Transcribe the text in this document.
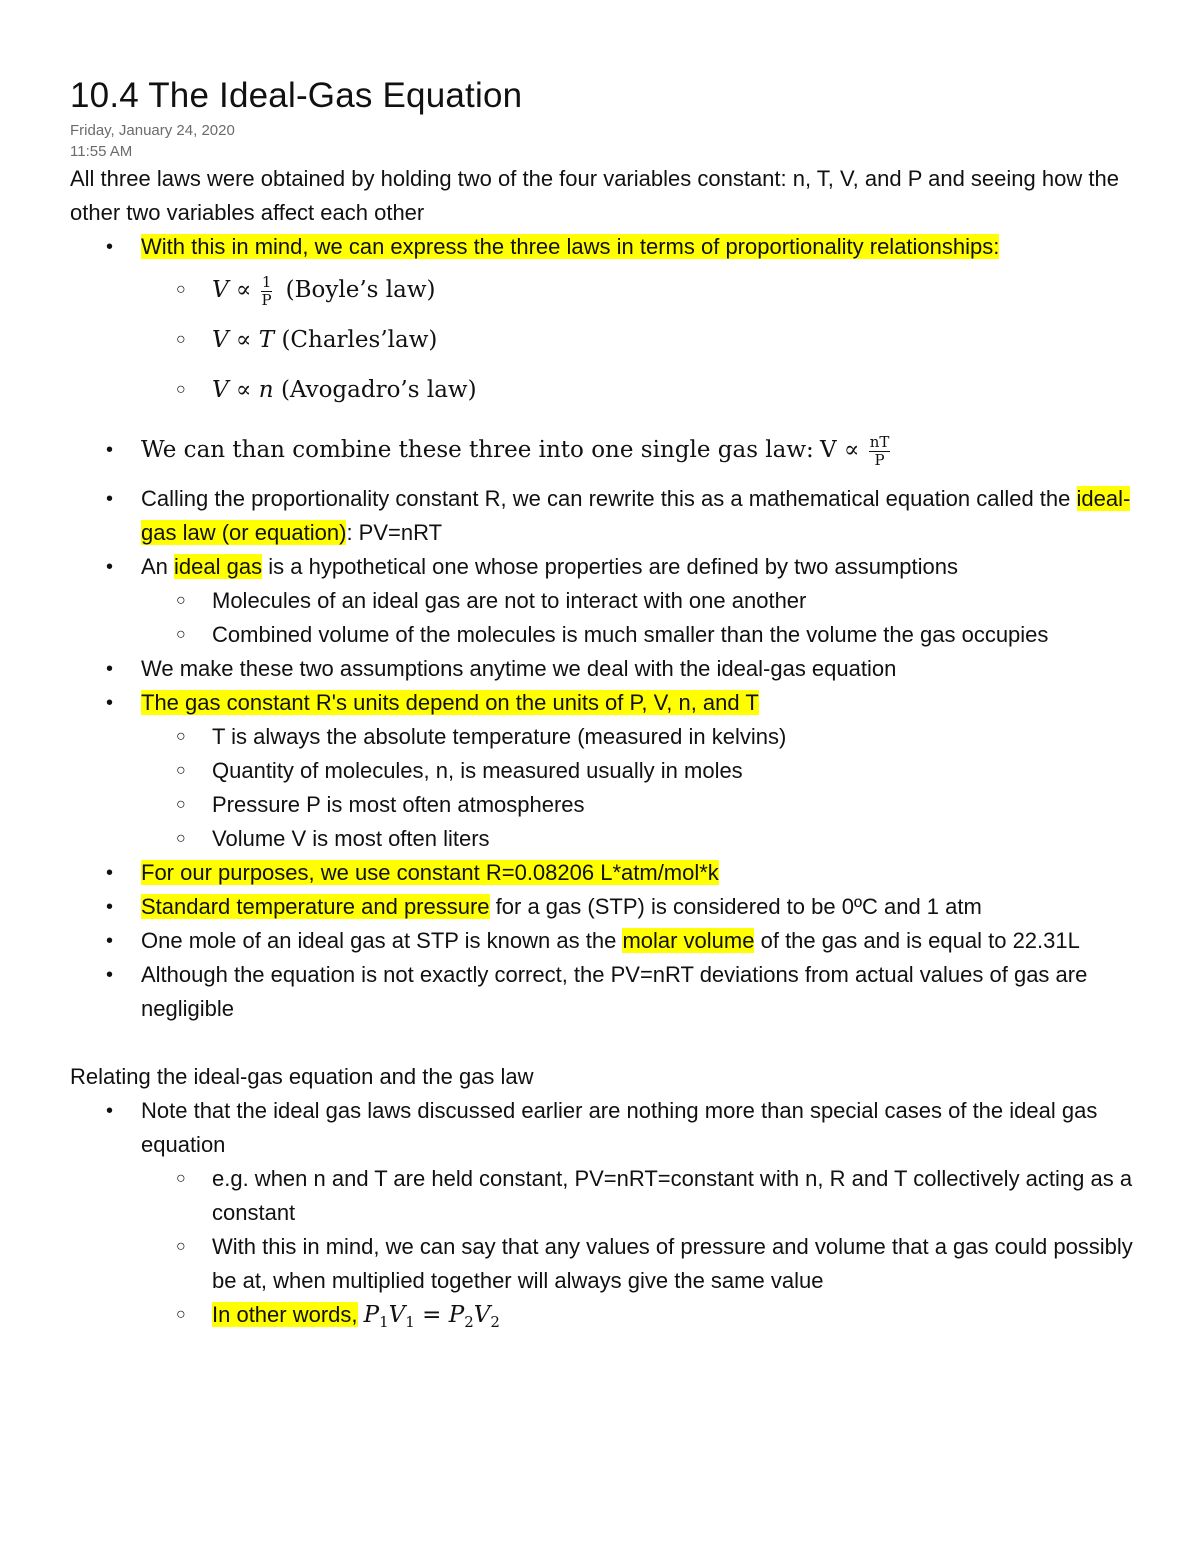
10.4 The Ideal-Gas Equation
Friday, January 24, 2020
11:55 AM

All three laws were obtained by holding two of the four variables constant: n, T, V, and P and seeing how the other two variables affect each other

• With this in mind, we can express the three laws in terms of proportionality relationships:
○ $V \propto \frac{1}{P}$ (Boyle’s law)
○ V ∝ T (Charles’law)
○ V ∝ n (Avogadro’s law)
• We can than combine these three into one single gas law: $V \propto \frac{nT}{P}$
• Calling the proportionality constant R, we can rewrite this as a mathematical equation called the ideal-gas law (or equation): PV=nRT
• An ideal gas is a hypothetical one whose properties are defined by two assumptions
○ Molecules of an ideal gas are not to interact with one another
○ Combined volume of the molecules is much smaller than the volume the gas occupies
• We make these two assumptions anytime we deal with the ideal-gas equation
• The gas constant R's units depend on the units of P, V, n, and T
○ T is always the absolute temperature (measured in kelvins)
○ Quantity of molecules, n, is measured usually in moles
○ Pressure P is most often atmospheres
○ Volume V is most often liters
• For our purposes, we use constant R=0.08206 L*atm/mol*k
• Standard temperature and pressure for a gas (STP) is considered to be 0ºC and 1 atm
• One mole of an ideal gas at STP is known as the molar volume of the gas and is equal to 22.31L
• Although the equation is not exactly correct, the PV=nRT deviations from actual values of gas are negligible

Relating the ideal-gas equation and the gas law

• Note that the ideal gas laws discussed earlier are nothing more than special cases of the ideal gas equation
○ e.g. when n and T are held constant, PV=nRT=constant with n, R and T collectively acting as a constant
○ With this in mind, we can say that any values of pressure and volume that a gas could possibly be at, when multiplied together will always give the same value
○ In other words, $P_1V_1 = P_2V_2$
